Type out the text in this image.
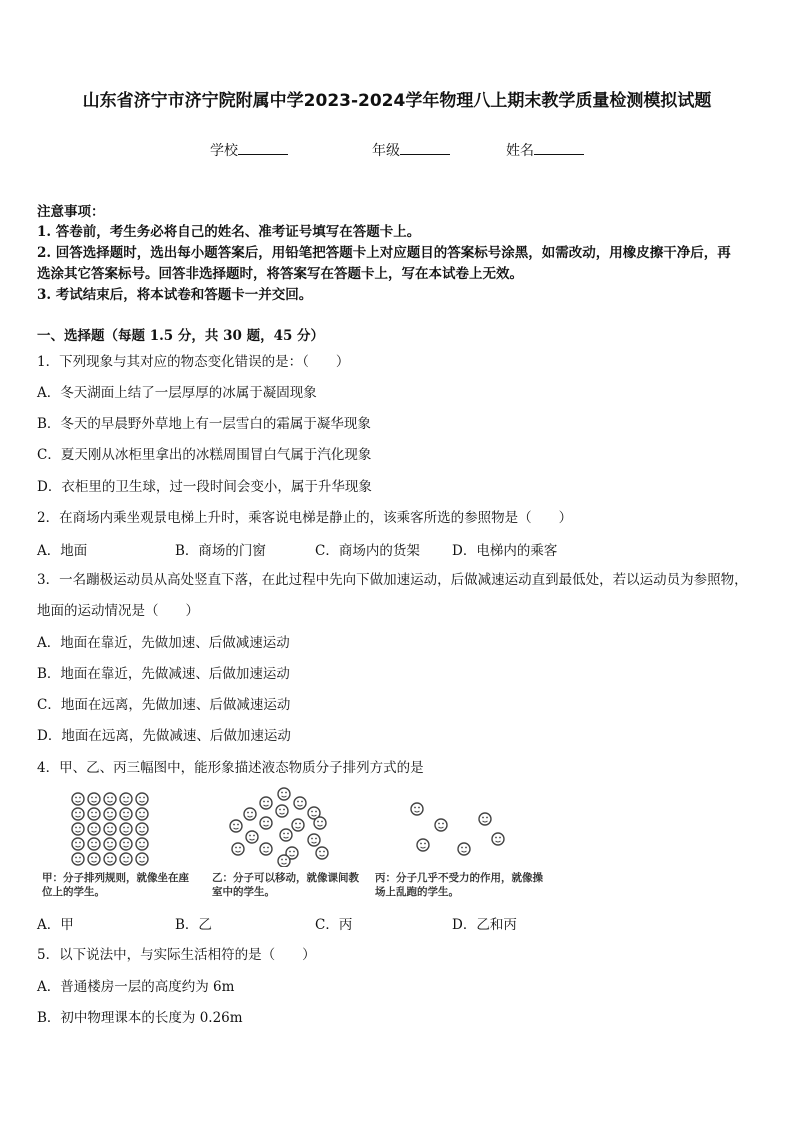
山东省济宁市济宁院附属中学2023-2024学年物理八上期末教学质量检测模拟试题
学校	年级	姓名
注意事项：
1. 答卷前，考生务必将自己的姓名、准考证号填写在答题卡上。
2. 回答选择题时，选出每小题答案后，用铅笔把答题卡上对应题目的答案标号涂黑，如需改动，用橡皮擦干净后，再
选涂其它答案标号。回答非选择题时，将答案写在答题卡上，写在本试卷上无效。
3. 考试结束后，将本试卷和答题卡一并交回。
一、选择题（每题 1.5 分，共 30 题，45 分）
1．下列现象与其对应的物态变化错误的是：（　　）
A．冬天湖面上结了一层厚厚的冰属于凝固现象
B．冬天的早晨野外草地上有一层雪白的霜属于凝华现象
C．夏天刚从冰柜里拿出的冰糕周围冒白气属于汽化现象
D．衣柜里的卫生球，过一段时间会变小，属于升华现象
2．在商场内乘坐观景电梯上升时，乘客说电梯是静止的，该乘客所选的参照物是（　　）
A．地面	B．商场的门窗	C．商场内的货架 D．电梯内的乘客
3．一名蹦极运动员从高处竖直下落，在此过程中先向下做加速运动，后做减速运动直到最低处，若以运动员为参照物，
地面的运动情况是（　　）
A．地面在靠近，先做加速、后做减速运动
B．地面在靠近，先做减速、后做加速运动
C．地面在远离，先做加速、后做减速运动
D．地面在远离，先做减速、后做加速运动
4．甲、乙、丙三幅图中，能形象描述液态物质分子排列方式的是
甲：分子排列规则，就像坐在座位上的学生。
乙：分子可以移动，就像课间教室中的学生。
丙：分子几乎不受力的作用，就像操场上乱跑的学生。
A．甲	B．乙	C．丙	D．乙和丙
5．以下说法中，与实际生活相符的是（　　）
A．普通楼房一层的高度约为 6m
B．初中物理课本的长度为 0.26m
